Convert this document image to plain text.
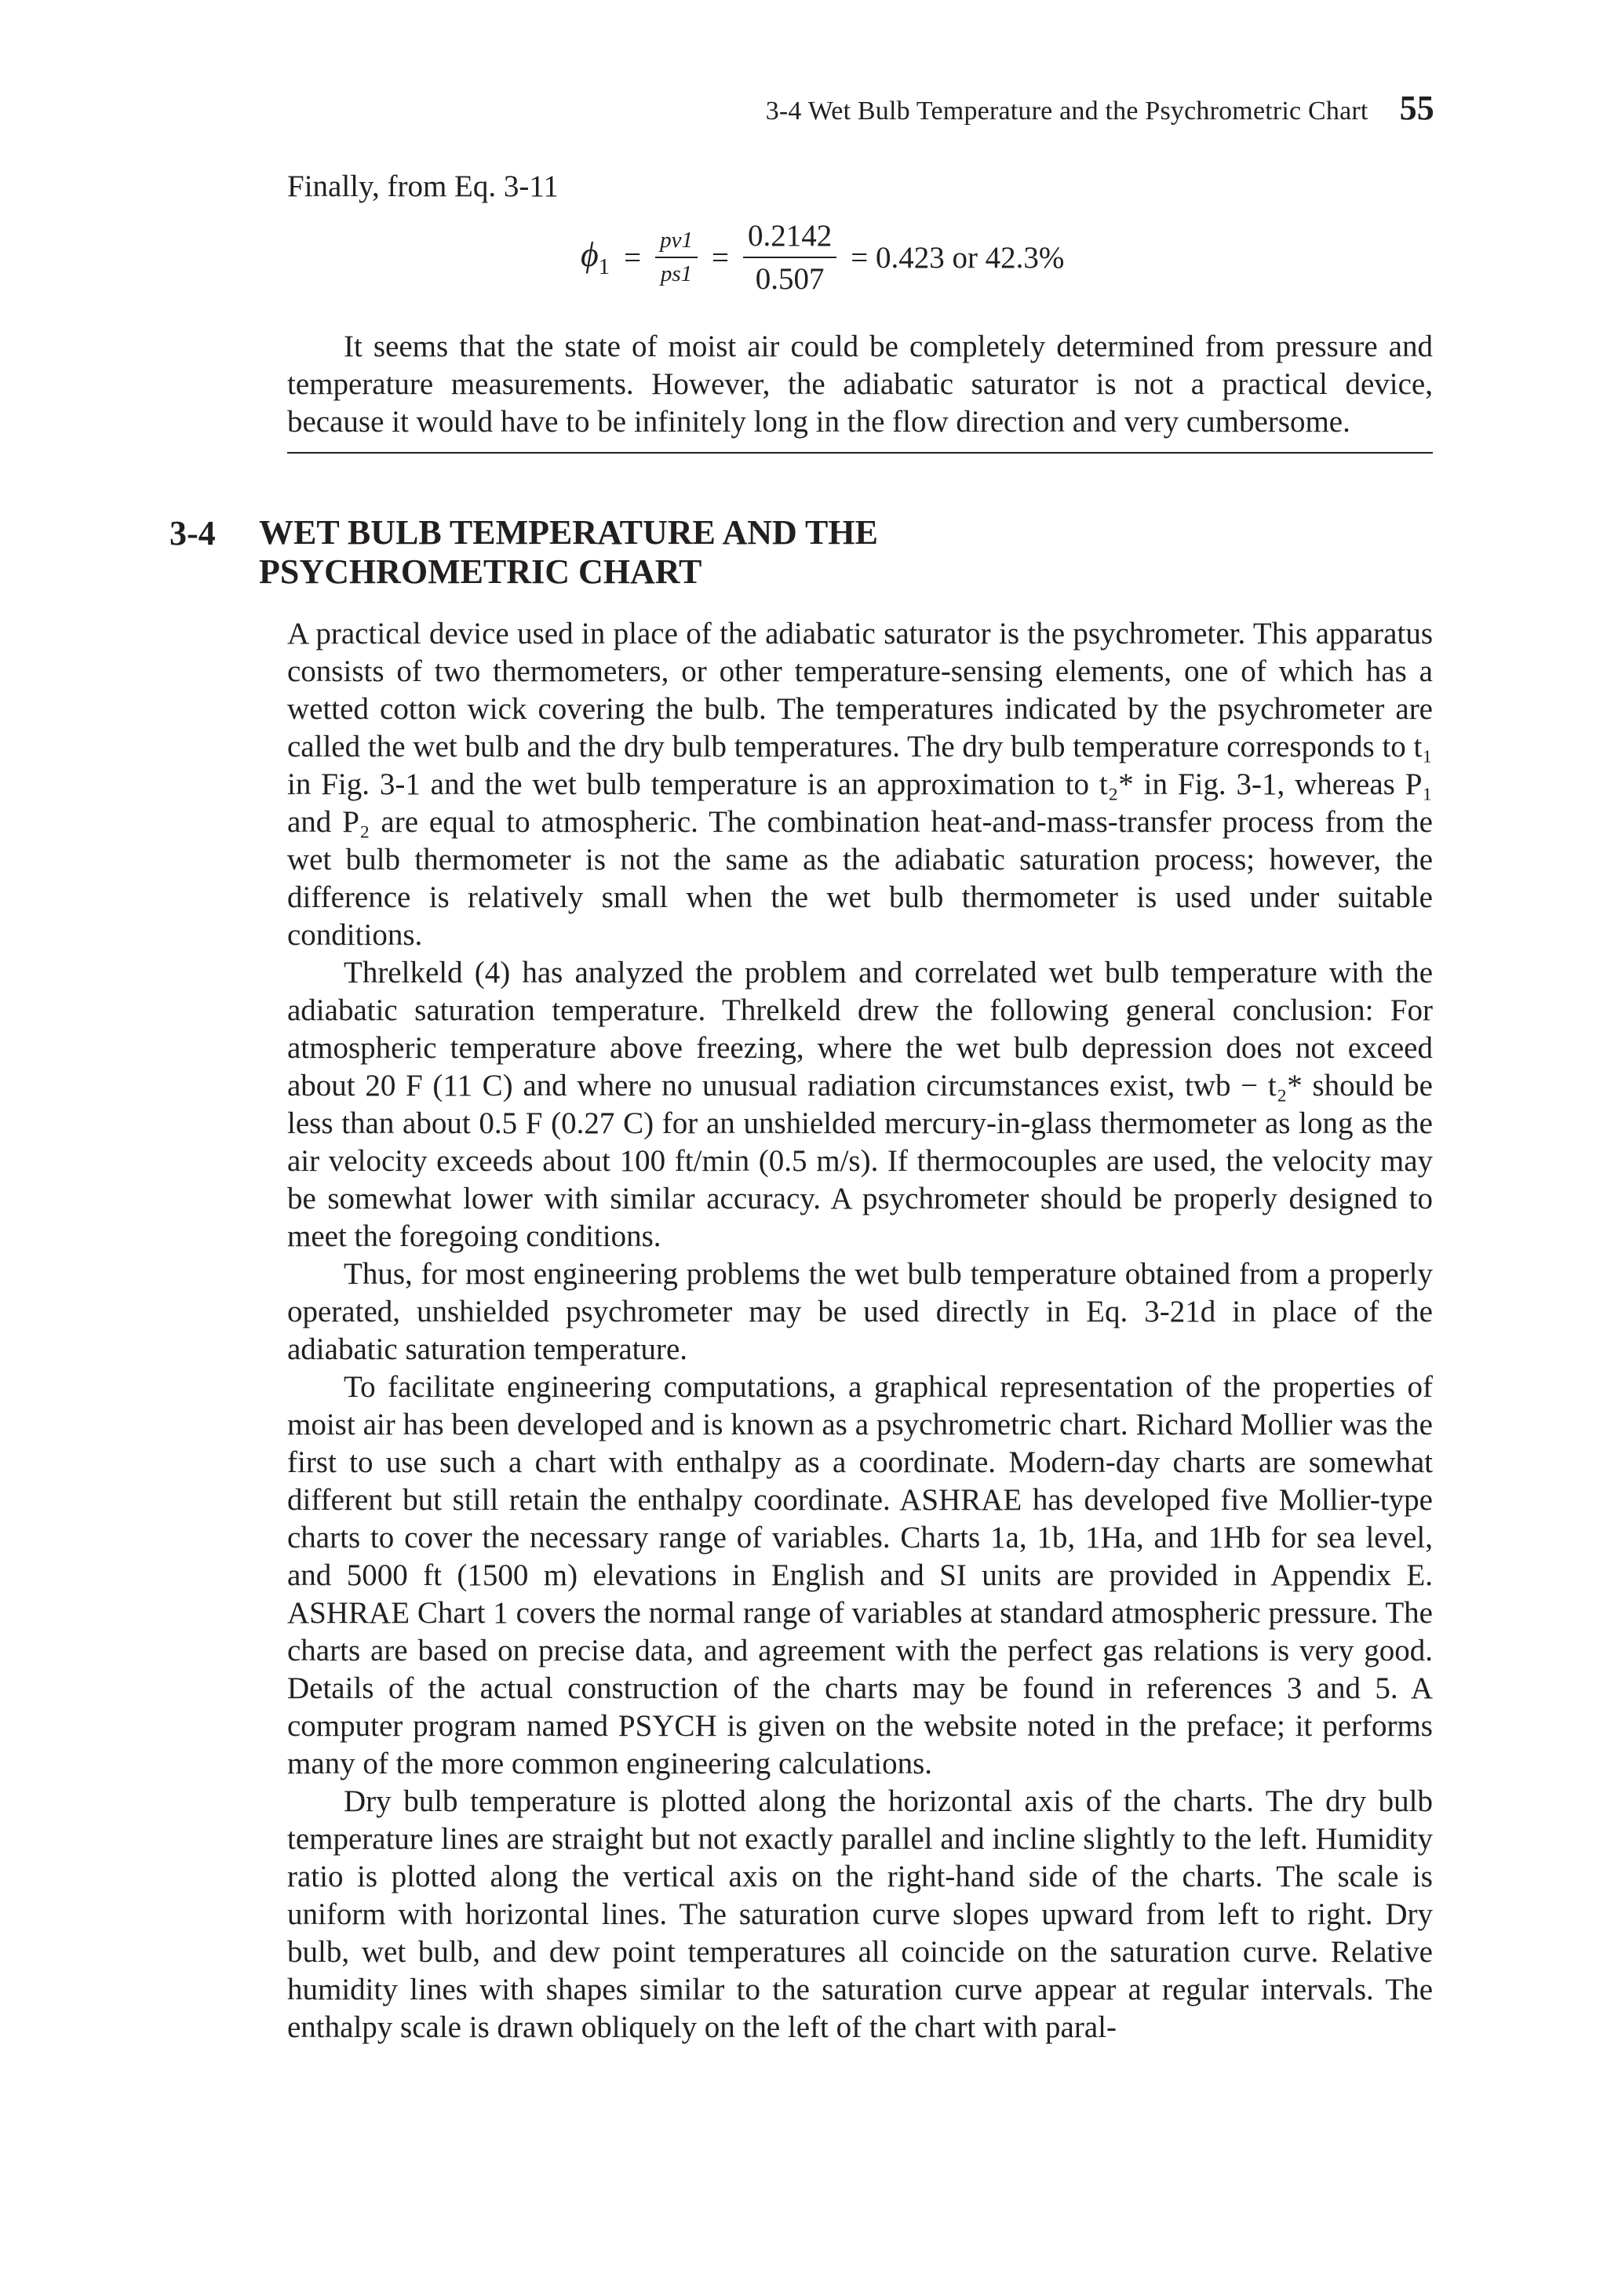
3-4 Wet Bulb Temperature and the Psychrometric Chart 55

Finally, from Eq. 3-11

$\phi_1 = \frac{pv1}{ps1} = \frac{0.2142}{0.507} = 0.423$ or 42.3%

It seems that the state of moist air could be completely determined from pressure and temperature measurements. However, the adiabatic saturator is not a practical device, because it would have to be infinitely long in the flow direction and very cumbersome.

3-4 WET BULB TEMPERATURE AND THE
PSYCHROMETRIC CHART

A practical device used in place of the adiabatic saturator is the psychrometer. This apparatus consists of two thermometers, or other temperature-sensing elements, one of which has a wetted cotton wick covering the bulb. The temperatures indicated by the psychrometer are called the wet bulb and the dry bulb temperatures. The dry bulb temperature corresponds to t₁ in Fig. 3-1 and the wet bulb temperature is an approximation to t₂* in Fig. 3-1, whereas P₁ and P₂ are equal to atmospheric. The combination heat-and-mass-transfer process from the wet bulb thermometer is not the same as the adiabatic saturation process; however, the difference is relatively small when the wet bulb thermometer is used under suitable conditions.

Threlkeld (4) has analyzed the problem and correlated wet bulb temperature with the adiabatic saturation temperature. Threlkeld drew the following general conclusion: For atmospheric temperature above freezing, where the wet bulb depression does not exceed about 20 F (11 C) and where no unusual radiation circumstances exist, twb − t₂* should be less than about 0.5 F (0.27 C) for an unshielded mercury-in-glass thermometer as long as the air velocity exceeds about 100 ft/min (0.5 m/s). If thermocouples are used, the velocity may be somewhat lower with similar accuracy. A psychrometer should be properly designed to meet the foregoing conditions.

Thus, for most engineering problems the wet bulb temperature obtained from a properly operated, unshielded psychrometer may be used directly in Eq. 3-21d in place of the adiabatic saturation temperature.

To facilitate engineering computations, a graphical representation of the properties of moist air has been developed and is known as a psychrometric chart. Richard Mollier was the first to use such a chart with enthalpy as a coordinate. Modern-day charts are somewhat different but still retain the enthalpy coordinate. ASHRAE has developed five Mollier-type charts to cover the necessary range of variables. Charts 1a, 1b, 1Ha, and 1Hb for sea level, and 5000 ft (1500 m) elevations in English and SI units are provided in Appendix E. ASHRAE Chart 1 covers the normal range of variables at standard atmospheric pressure. The charts are based on precise data, and agreement with the perfect gas relations is very good. Details of the actual construction of the charts may be found in references 3 and 5. A computer program named PSYCH is given on the website noted in the preface; it performs many of the more common engineering calculations.

Dry bulb temperature is plotted along the horizontal axis of the charts. The dry bulb temperature lines are straight but not exactly parallel and incline slightly to the left. Humidity ratio is plotted along the vertical axis on the right-hand side of the charts. The scale is uniform with horizontal lines. The saturation curve slopes upward from left to right. Dry bulb, wet bulb, and dew point temperatures all coincide on the saturation curve. Relative humidity lines with shapes similar to the saturation curve appear at regular intervals. The enthalpy scale is drawn obliquely on the left of the chart with paral-
